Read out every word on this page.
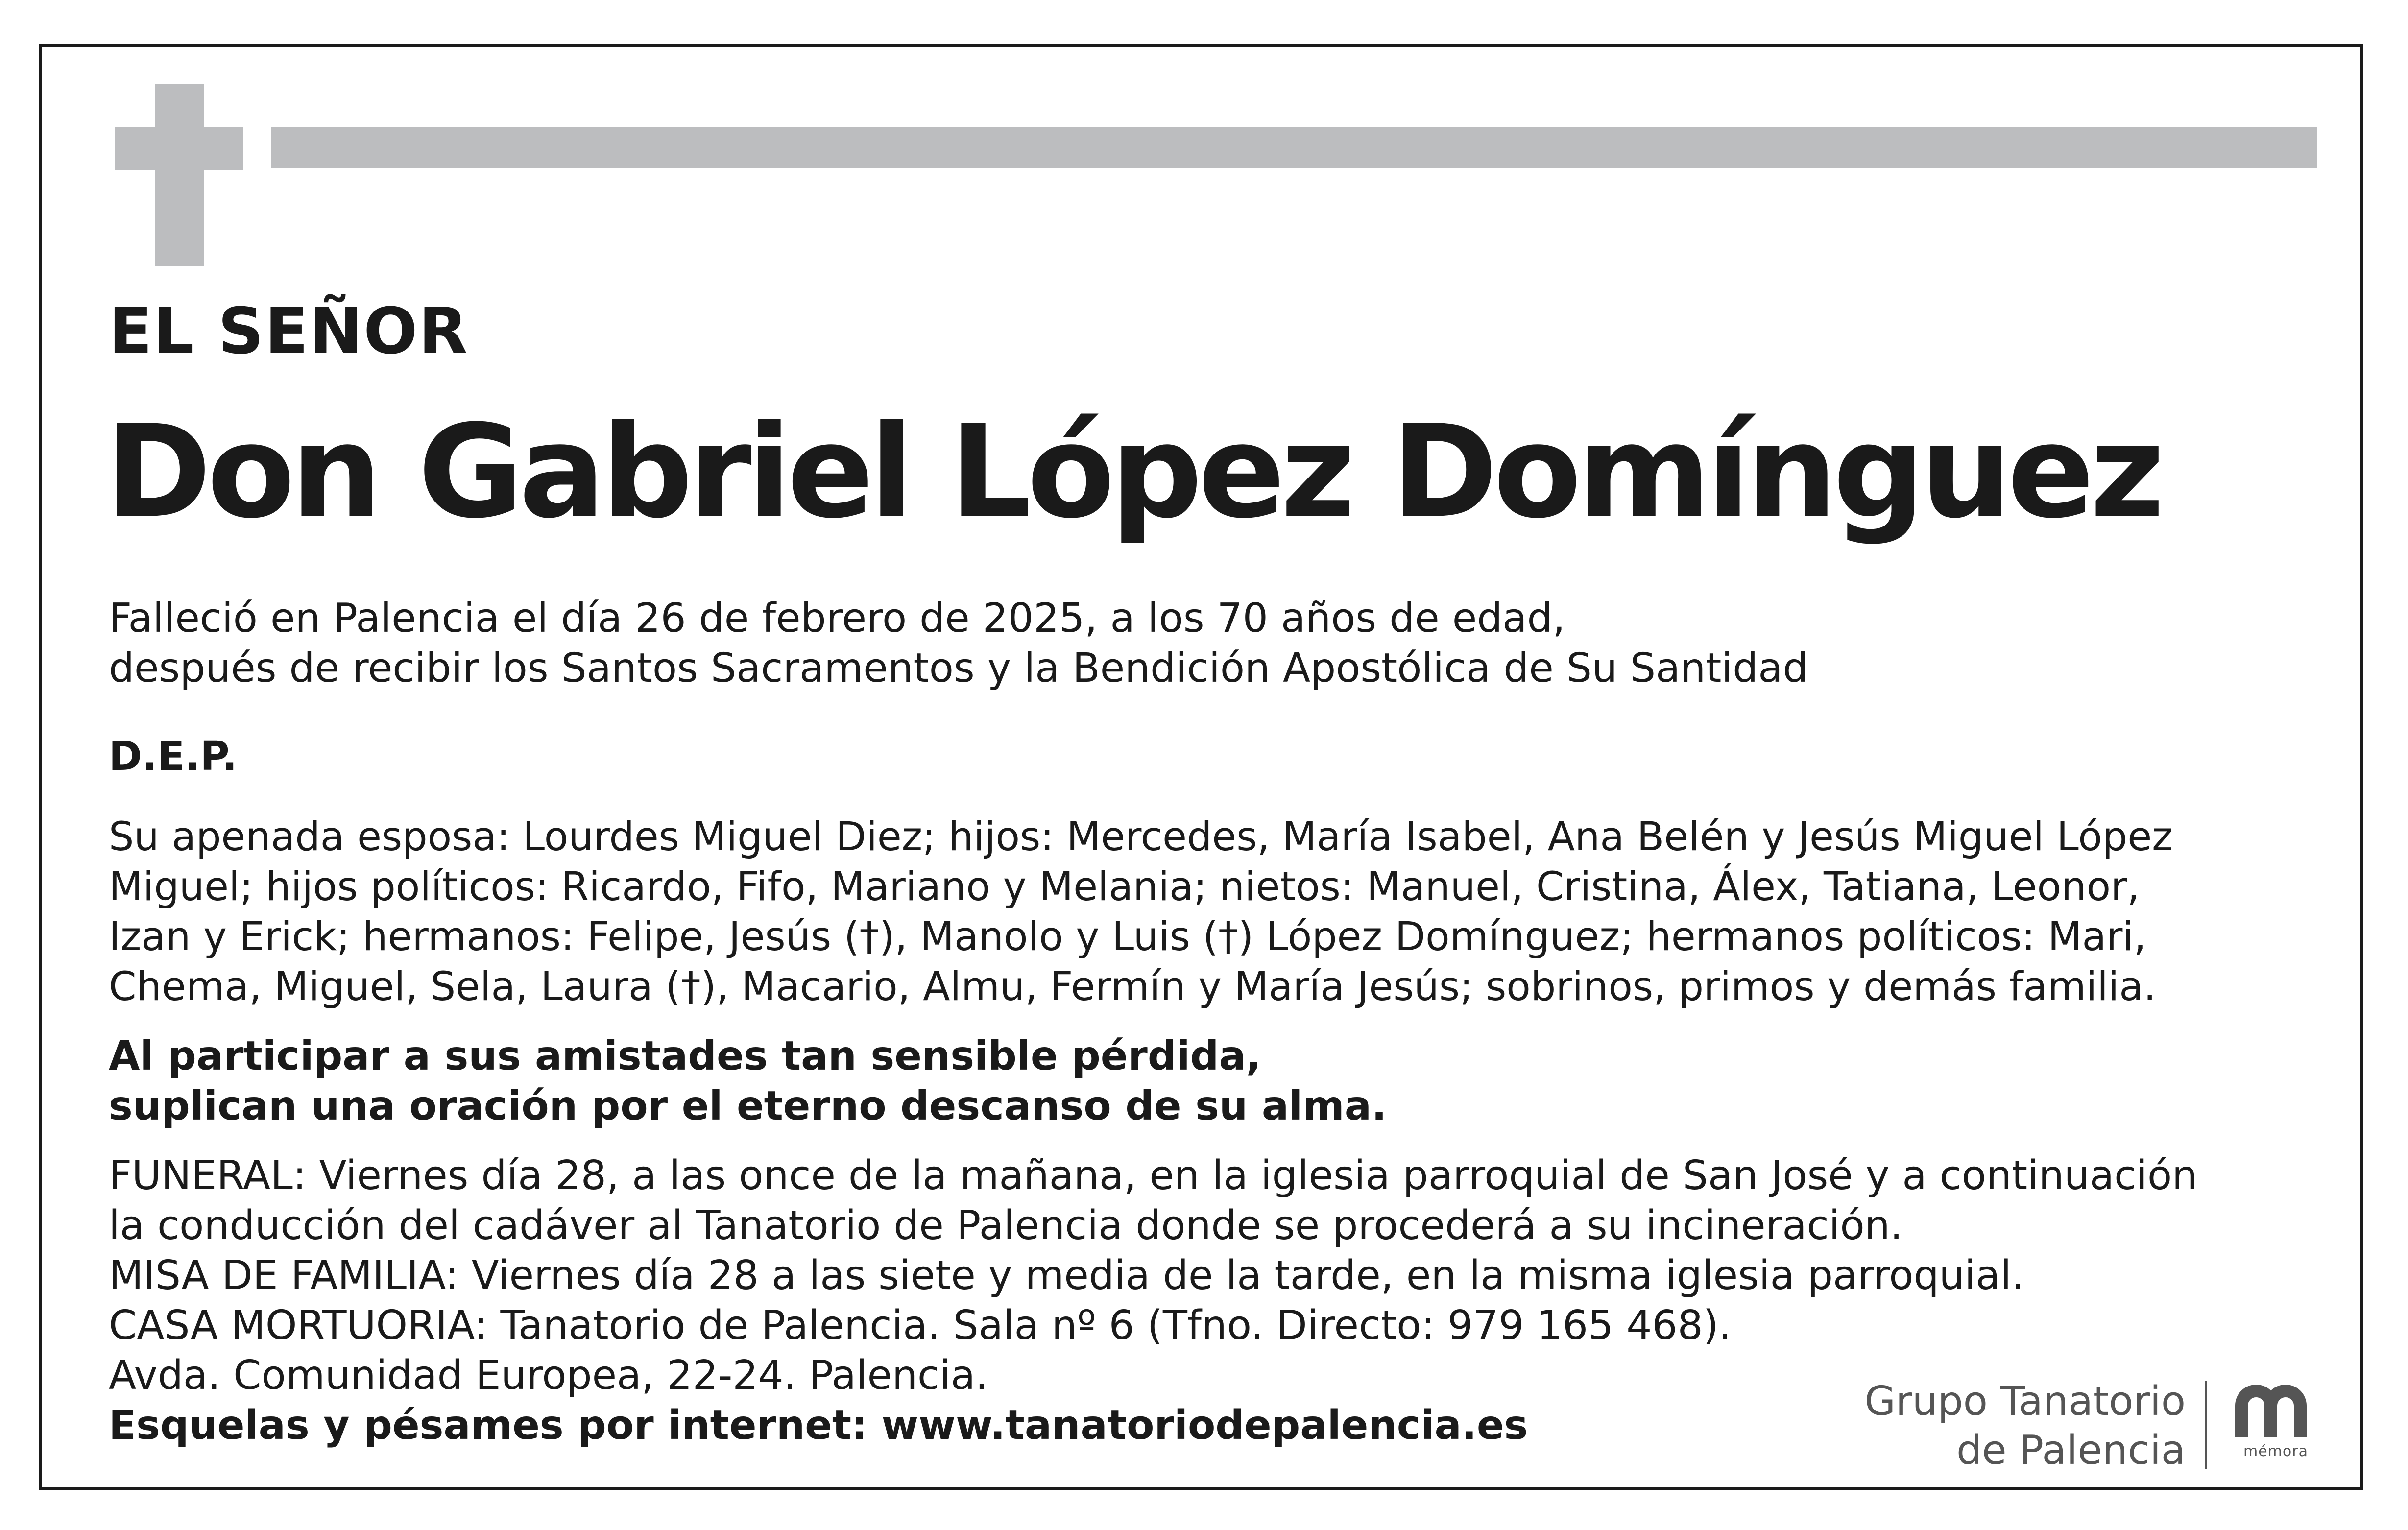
EL SEÑOR
Don Gabriel López Domínguez

Falleció en Palencia el día 26 de febrero de 2025, a los 70 años de edad,
después de recibir los Santos Sacramentos y la Bendición Apostólica de Su Santidad

D.E.P.

Su apenada esposa: Lourdes Miguel Diez; hijos: Mercedes, María Isabel, Ana Belén y Jesús Miguel López
Miguel; hijos políticos: Ricardo, Fifo, Mariano y Melania; nietos: Manuel, Cristina, Álex, Tatiana, Leonor,
Izan y Erick; hermanos: Felipe, Jesús (†), Manolo y Luis (†) López Domínguez; hermanos políticos: Mari,
Chema, Miguel, Sela, Laura (†), Macario, Almu, Fermín y María Jesús; sobrinos, primos y demás familia.

Al participar a sus amistades tan sensible pérdida,
suplican una oración por el eterno descanso de su alma.

FUNERAL: Viernes día 28, a las once de la mañana, en la iglesia parroquial de San José y a continuación
la conducción del cadáver al Tanatorio de Palencia donde se procederá a su incineración.
MISA DE FAMILIA: Viernes día 28 a las siete y media de la tarde, en la misma iglesia parroquial.
CASA MORTUORIA: Tanatorio de Palencia. Sala nº 6 (Tfno. Directo: 979 165 468).
Avda. Comunidad Europea, 22-24. Palencia.
Esquelas y pésames por internet: www.tanatoriodepalencia.es

Grupo Tanatorio
de Palencia	mémora
